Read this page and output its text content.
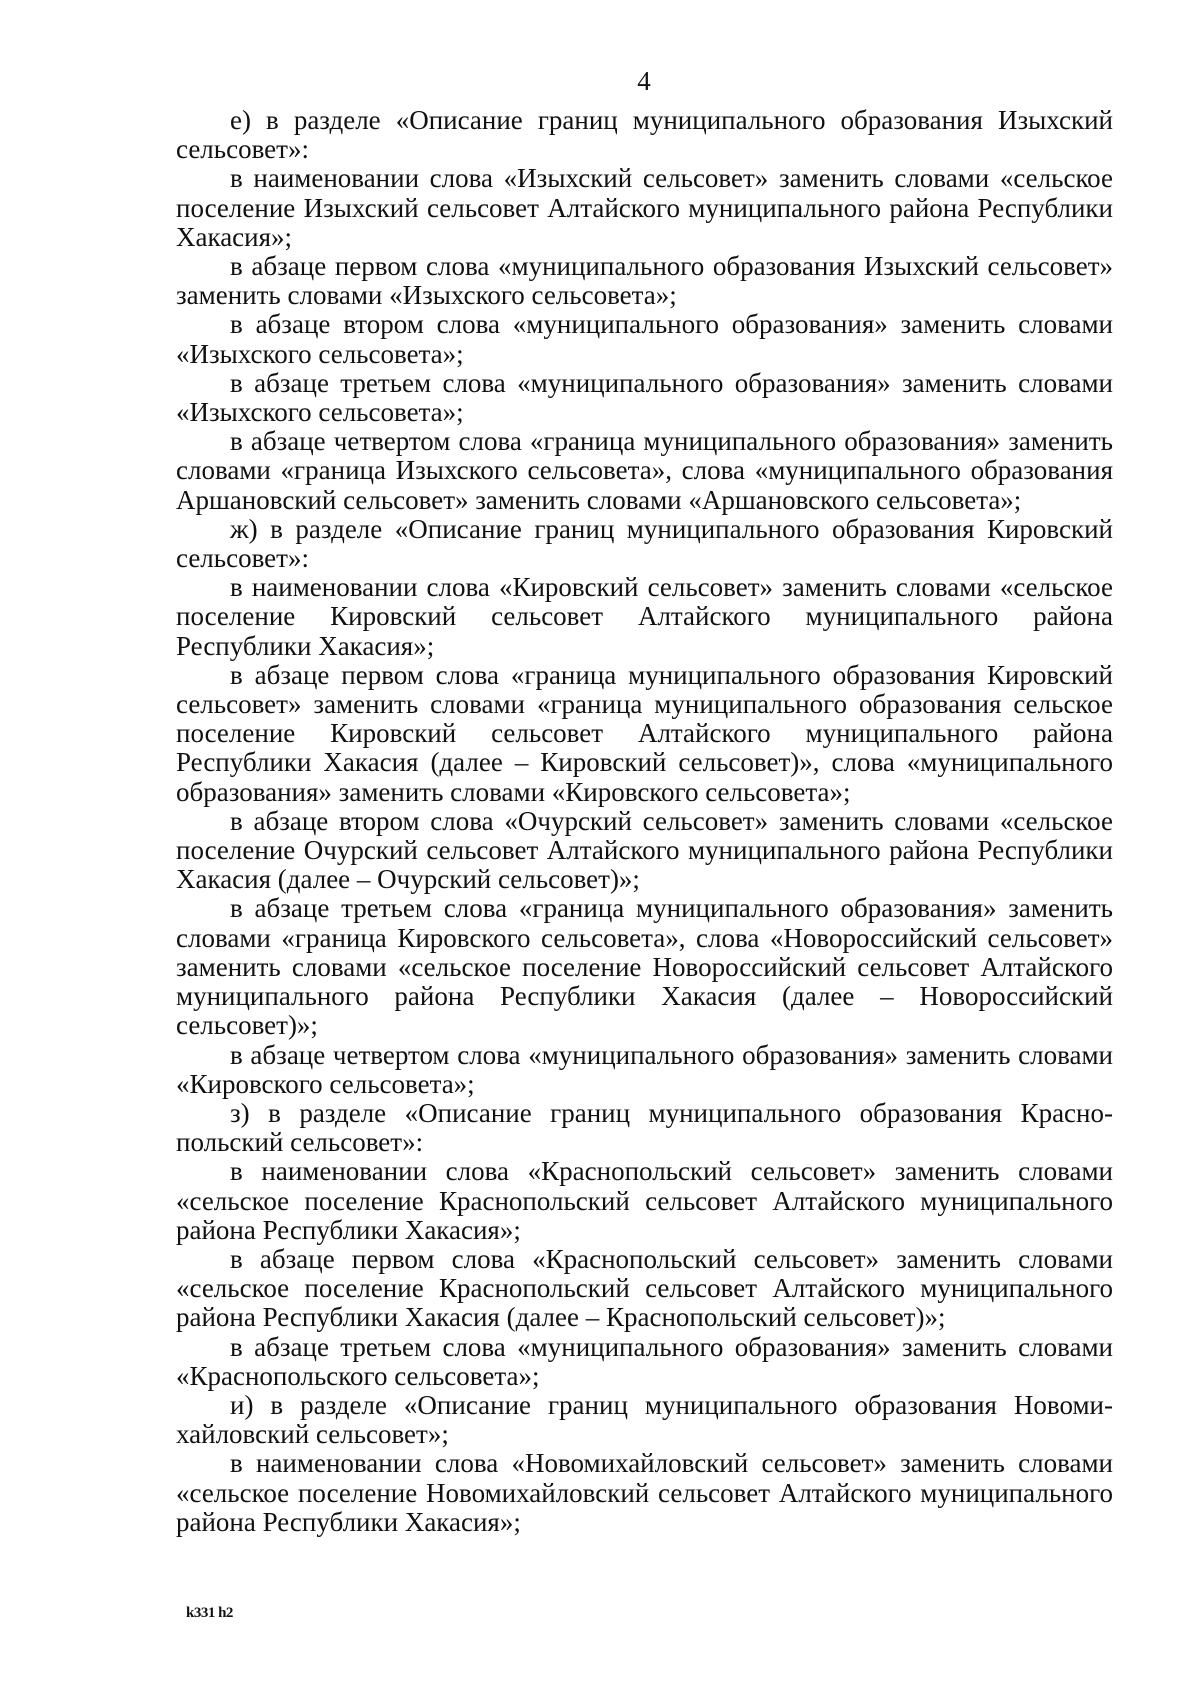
4

е) в разделе «Описание границ муниципального образования Изыхский сельсовет»:

в наименовании слова «Изыхский сельсовет» заменить словами «сельское поселение Изыхский сельсовет Алтайского муниципального района Республики Хакасия»;

в абзаце первом слова «муниципального образования Изыхский сельсовет» заменить словами «Изыхского сельсовета»;

в абзаце втором слова «муниципального образования» заменить словами «Изыхского сельсовета»;

в абзаце третьем слова «муниципального образования» заменить словами «Изыхского сельсовета»;

в абзаце четвертом слова «граница муниципального образования» заменить словами «граница Изыхского сельсовета», слова «муниципального образования Аршановский сельсовет» заменить словами «Аршановского сельсовета»;

ж) в разделе «Описание границ муниципального образования Кировский сельсовет»:

в наименовании слова «Кировский сельсовет» заменить словами «сельское поселение Кировский сельсовет Алтайского муниципального района Республики Хакасия»;

в абзаце первом слова «граница муниципального образования Кировский сельсовет» заменить словами «граница муниципального образования сельское поселение Кировский сельсовет Алтайского муниципального района Республики Хакасия (далее – Кировский сельсовет)», слова «муниципального образования» заменить словами «Кировского сельсовета»;

в абзаце втором слова «Очурский сельсовет» заменить словами «сельское поселение Очурский сельсовет Алтайского муниципального района Республики Хакасия (далее – Очурский сельсовет)»;

в абзаце третьем слова «граница муниципального образования» заменить словами «граница Кировского сельсовета», слова «Новороссийский сельсовет» заменить словами «сельское поселение Новороссийский сельсовет Алтайского муниципального района Республики Хакасия (далее – Новороссийский сельсовет)»;

в абзаце четвертом слова «муниципального образования» заменить словами «Кировского сельсовета»;

з) в разделе «Описание границ муниципального образования Краснопольский сельсовет»:

в наименовании слова «Краснопольский сельсовет» заменить словами «сельское поселение Краснопольский сельсовет Алтайского муниципального района Республики Хакасия»;

в абзаце первом слова «Краснопольский сельсовет» заменить словами «сельское поселение Краснопольский сельсовет Алтайского муниципального района Республики Хакасия (далее – Краснопольский сельсовет)»;

в абзаце третьем слова «муниципального образования» заменить словами «Краснопольского сельсовета»;

и) в разделе «Описание границ муниципального образования Новомихайловский сельсовет»;

в наименовании слова «Новомихайловский сельсовет» заменить словами «сельское поселение Новомихайловский сельсовет Алтайского муниципального района Республики Хакасия»;

k331 h2
